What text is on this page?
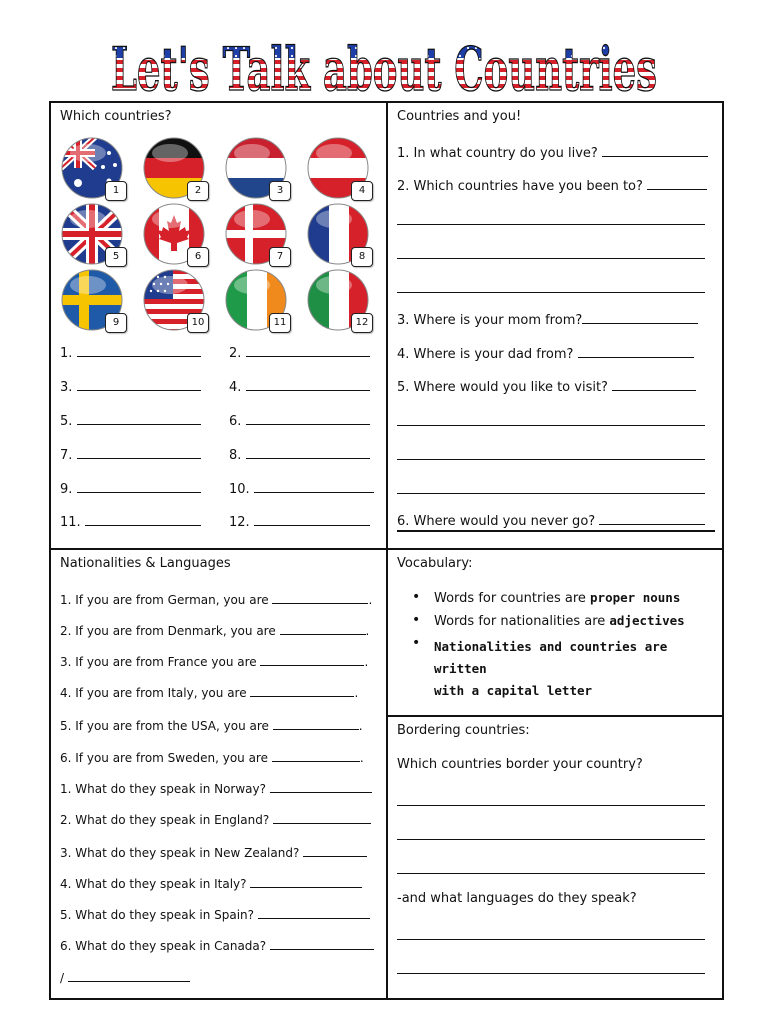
Let's Talk about Countries
Which countries?
1	2	3	4
5	6	7	8
9	10	11	12
1.	2.
3.	4.
5.	6.
7.	8.
9.	10.
11.	12.
Countries and you!
1. In what country do you live?
2. Which countries have you been to?
3. Where is your mom from?
4. Where is your dad from?
5. Where would you like to visit?
6. Where would you never go?
Nationalities & Languages
1. If you are from German, you are	.
2. If you are from Denmark, you are	.
3. If you are from France you are	.
4. If you are from Italy, you are	.
5. If you are from the USA, you are	.
6. If you are from Sweden, you are	.
1. What do they speak in Norway?
2. What do they speak in England?
3. What do they speak in New Zealand?
4. What do they speak in Italy?
5. What do they speak in Spain?
6. What do they speak in Canada?
/
Vocabulary:
• Words for countries are proper nouns
• Words for nationalities are adjectives
• Nationalities and countries are written
with a capital letter
Bordering countries:
Which countries border your country?
-and what languages do they speak?
